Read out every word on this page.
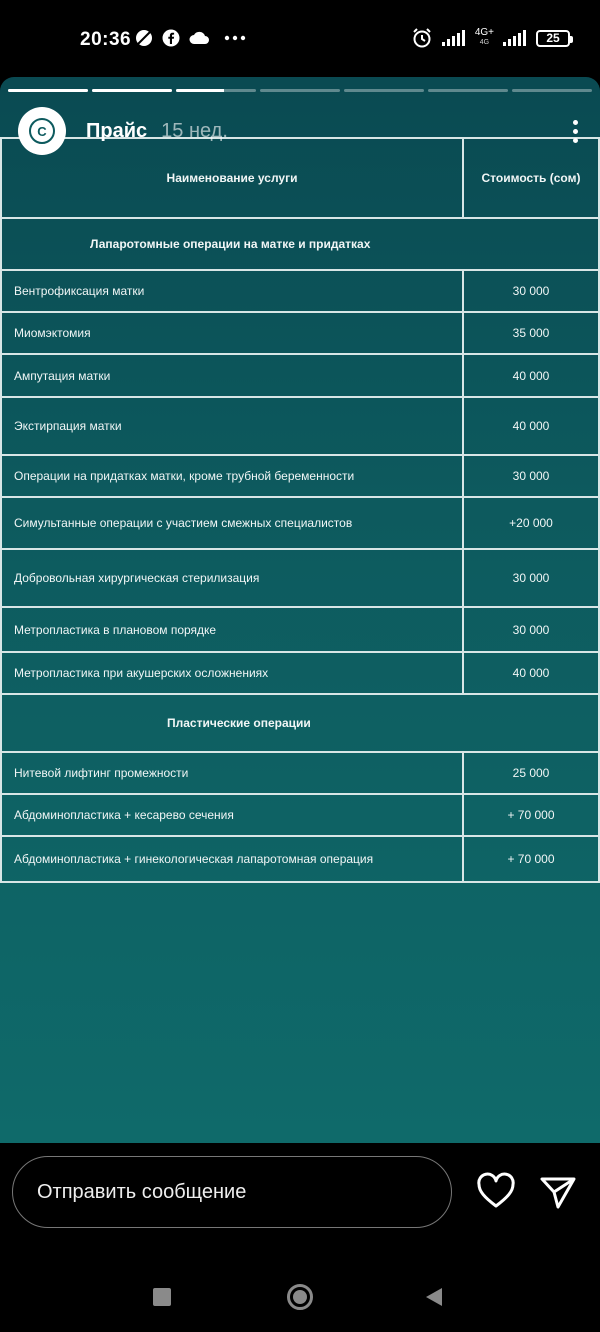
20:36	4G+
4G	25
Наименование услуги	Стоимость (сом)
Лапаротомные операции на матке и придатках	
Вентрофиксация матки	30 000
Миомэктомия	35 000
Ампутация матки	40 000
Экстирпация матки	40 000
Операции на придатках матки, кроме трубной беременности	30 000
Симультанные операции с участием смежных специалистов	+20 000
Добровольная хирургическая стерилизация	30 000
Метропластика в плановом порядке	30 000
Метропластика при акушерских осложнениях	40 000
Пластические операции	
Нитевой лифтинг промежности	25 000
Абдоминопластика + кесарево сечения	+ 70 000
Абдоминопластика + гинекологическая лапаротомная операция	+ 70 000
C	Прайс 15 нед.
Отправить сообщение
